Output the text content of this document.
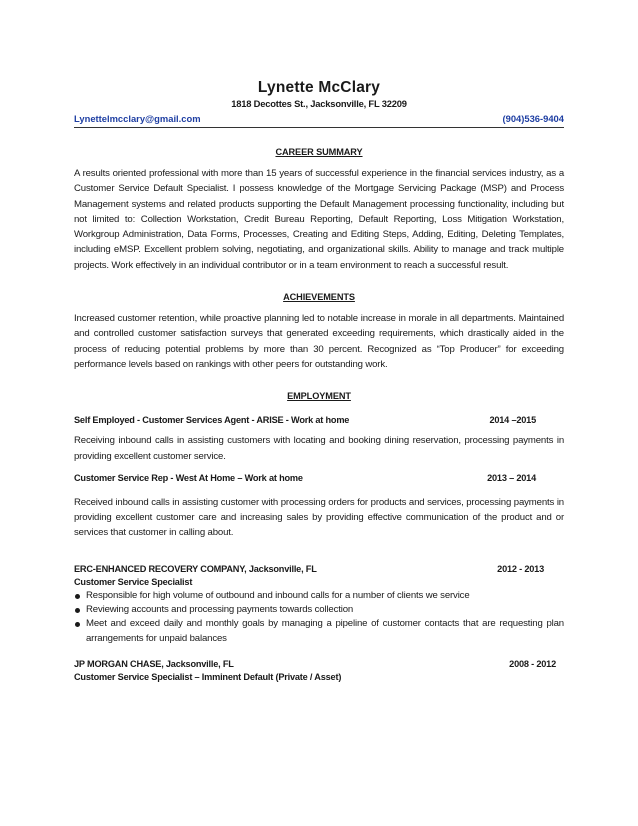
Lynette McClary
1818 Decottes St., Jacksonville, FL 32209
Lynettelmcclary@gmail.com	(904)536-9404
CAREER SUMMARY
A results oriented professional with more than 15 years of successful experience in the financial services industry, as a Customer Service Default Specialist. I possess knowledge of the Mortgage Servicing Package (MSP) and Process Management systems and related products supporting the Default Management processing functionality, including but not limited to: Collection Workstation, Credit Bureau Reporting, Default Reporting, Loss Mitigation Workstation, Workgroup Administration, Data Forms, Processes, Creating and Editing Steps, Adding, Editing, Deleting Templates, including eMSP. Excellent problem solving, negotiating, and organizational skills. Ability to manage and track multiple projects. Work effectively in an individual contributor or in a team environment to reach a successful result.
ACHIEVEMENTS
Increased customer retention, while proactive planning led to notable increase in morale in all departments. Maintained and controlled customer satisfaction surveys that generated exceeding requirements, which drastically aided in the process of reducing potential problems by more than 30 percent. Recognized as “Top Producer” for exceeding performance levels based on rankings with other peers for outstanding work.
EMPLOYMENT
Self Employed - Customer Services Agent - ARISE - Work at home	2014 –2015
Receiving inbound calls in assisting customers with locating and booking dining reservation, processing payments in providing excellent customer service.
Customer Service Rep - West At Home – Work at home	2013 – 2014
Received inbound calls in assisting customer with processing orders for products and services, processing payments in providing excellent customer care and increasing sales by providing effective communication of the product and or services that customer in calling about.
ERC-ENHANCED RECOVERY COMPANY, Jacksonville, FL	2012 - 2013
Customer Service Specialist
Responsible for high volume of outbound and inbound calls for a number of clients we service
Reviewing accounts and processing payments towards collection
Meet and exceed daily and monthly goals by managing a pipeline of customer contacts that are requesting plan arrangements for unpaid balances
JP MORGAN CHASE, Jacksonville, FL	2008 - 2012
Customer Service Specialist – Imminent Default (Private / Asset)
